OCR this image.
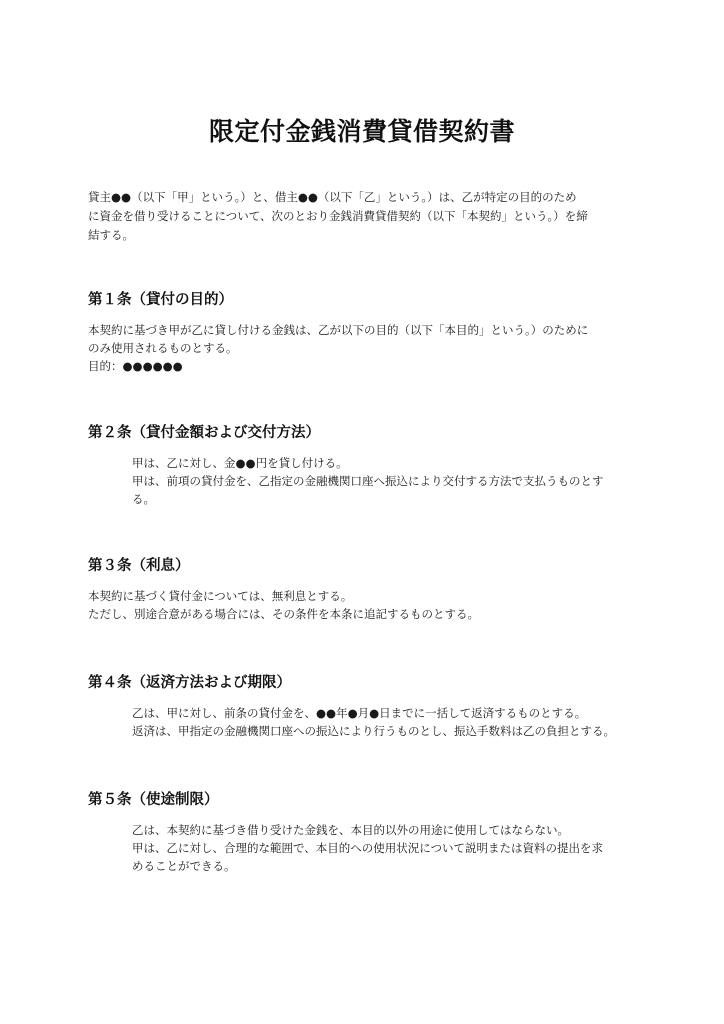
限定付金銭消費貸借契約書

貸主●●（以下「甲」という。）と、借主●●（以下「乙」という。）は、乙が特定の目的のため
に資金を借り受けることについて、次のとおり金銭消費貸借契約（以下「本契約」という。）を締
結する。

第１条（貸付の目的）

本契約に基づき甲が乙に貸し付ける金銭は、乙が以下の目的（以下「本目的」という。）のために
のみ使用されるものとする。
目的：●●●●●●

第２条（貸付金額および交付方法）

甲は、乙に対し、金●●円を貸し付ける。
甲は、前項の貸付金を、乙指定の金融機関口座へ振込により交付する方法で支払うものとす
る。

第３条（利息）

本契約に基づく貸付金については、無利息とする。
ただし、別途合意がある場合には、その条件を本条に追記するものとする。

第４条（返済方法および期限）

乙は、甲に対し、前条の貸付金を、●●年●月●日までに一括して返済するものとする。
返済は、甲指定の金融機関口座への振込により行うものとし、振込手数料は乙の負担とする。

第５条（使途制限）

乙は、本契約に基づき借り受けた金銭を、本目的以外の用途に使用してはならない。
甲は、乙に対し、合理的な範囲で、本目的への使用状況について説明または資料の提出を求
めることができる。
